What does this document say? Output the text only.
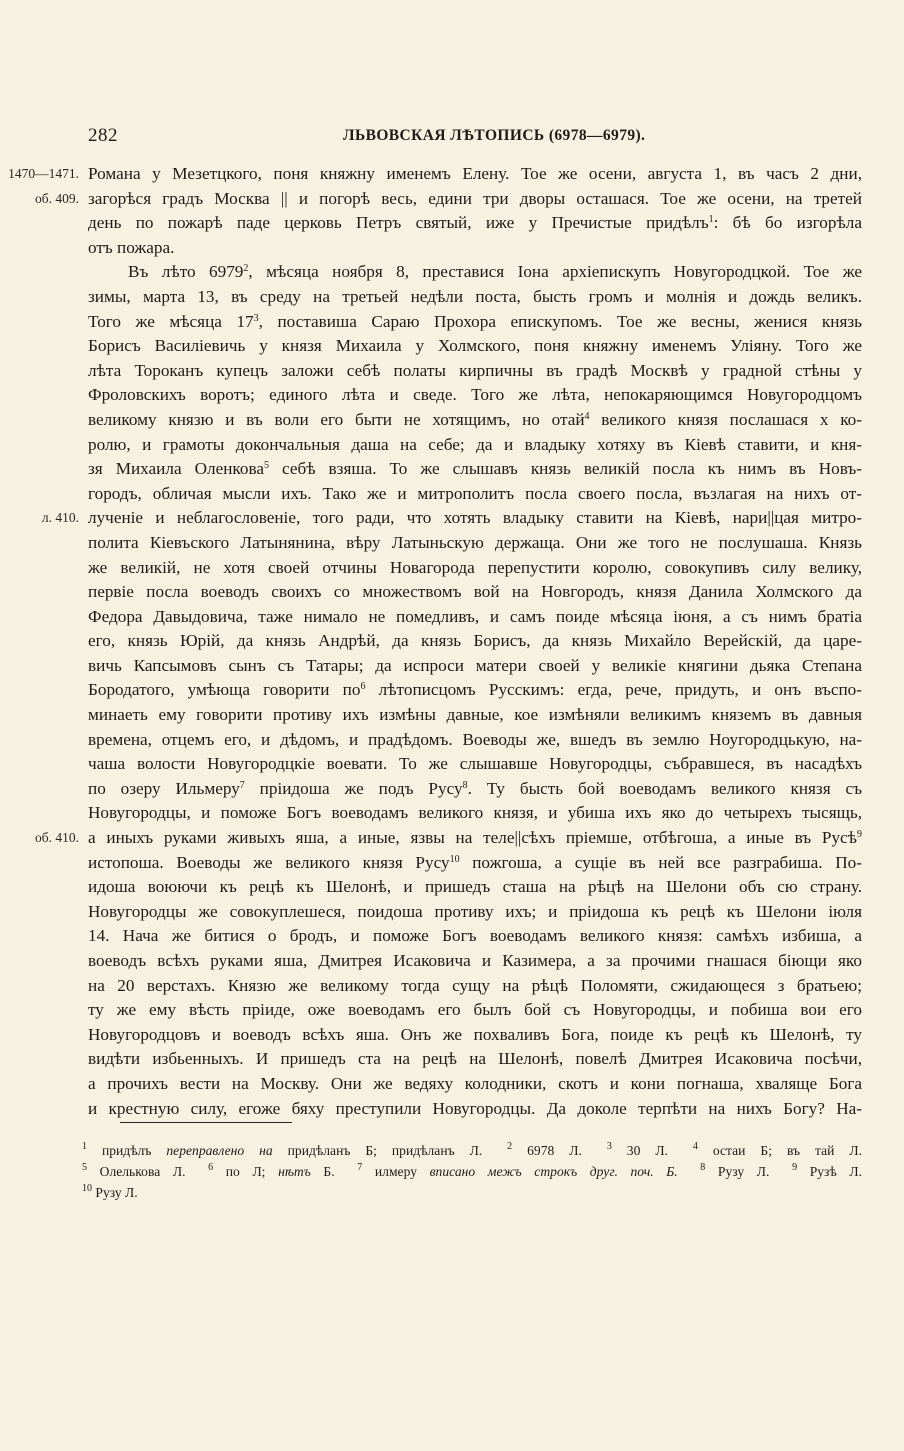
282	ЛЬВОВСКАЯ ЛѢТОПИСЬ (6978—6979).
1470—1471. Романа у Мезетцкого, поня княжну именемъ Елену. Тое же осени, августа 1, въ часъ 2 дни,
об. 409. загорѣся градъ Москва || и погорѣ весь, едини три дворы осташася. Тое же осени, на третей
день по пожарѣ паде церковь Петръ святый, иже у Пречистые придѣлъ$^1$: бѣ бо изгорѣла
отъ пожара.
Въ лѣто 6979$^2$, мѣсяца ноября 8, преставися Іона архіепискупъ Новугородцкой. Тое же
зимы, марта 13, въ среду на третьей недѣли поста, бысть громъ и молнія и дождь великъ.
Того же мѣсяца $17^3$, поставиша Сараю Прохора епискупомъ. Тое же весны, женися князь
Борисъ Василіевичь у князя Михаила у Холмского, поня княжну именемъ Уліяну. Того же
лѣта Тороканъ купецъ заложи себѣ полаты кирпичны въ градѣ Москвѣ у градной стѣны у
Фроловскихъ воротъ; единого лѣта и сведе. Того же лѣта, непокаряющимся Новугородцомъ
великому князю и въ воли его быти не хотящимъ, но отай$^4$ великого князя послашася х ко-
ролю, и грамоты докончальныя даша на себе; да и владыку хотяху въ Кіевѣ ставити, и кня-
зя Михаила Оленкова$^5$ себѣ взяша. То же слышавъ князь великій посла къ нимъ въ Новъ-
городъ, обличая мысли ихъ. Тако же и митрополитъ посла своего посла, възлагая на нихъ от-
л. 410. лученіе и неблагословеніе, того ради, что хотять владыку ставити на Кіевѣ, нари||цая митро-
полита Кіевъского Латынянина, вѣру Латыньскую держаща. Они же того не послушаша. Князь
же великій, не хотя своей отчины Новагорода перепустити королю, совокупивъ силу велику,
первіе посла воеводъ своихъ со множествомъ вой на Новгородъ, князя Данила Холмского да
Федора Давыдовича, таже нимало не помедливъ, и самъ поиде мѣсяца іюня, а съ нимъ братіа
его, князь Юрій, да князь Андрѣй, да князь Борисъ, да князь Михайло Верейскій, да царе-
вичь Капсымовъ сынъ съ Татары; да испроси матери своей у великіе княгини дьяка Степана
Бородатого, умѣюща говорити $по^6$ лѣтописцомъ Русскимъ: егда, рече, придуть, и онъ въспо-
минаеть ему говорити противу ихъ измѣны давные, кое измѣняли великимъ княземъ въ давныя
времена, отцемъ его, и дѣдомъ, и прадѣдомъ. Воеводы же, вшедъ въ землю Ноугородцькую, на-
чаша волости Новугородцкіе воевати. То же слышавше Новугородцы, събравшеся, въ насадѣхъ
по озеру Ильмеру$^7$ пріидоша же подъ Русу$^8$. Ту бысть бой воеводамъ великого князя съ
Новугородцы, и поможе Богъ воеводамъ великого князя, и убиша ихъ яко до четырехъ тысящь,
об. 410. а иныхъ руками живыхъ яша, а иные, язвы на теле||сѣхъ пріемше, отбѣгоша, а иные въ Русѣ$^9$
истопоша. Воеводы же великого князя Русу$^{10}$ пожгоша, а сущіе въ ней все разграбиша. По-
идоша воюючи къ рецѣ къ Шелонѣ, и пришедъ сташа на рѣцѣ на Шелони объ сю страну.
Новугородцы же совокуплешеся, поидоша противу ихъ; и пріидоша къ рецѣ къ Шелони іюля
14. Нача же битися о бродъ, и поможе Богъ воеводамъ великого князя: самѣхъ избиша, а
воеводъ всѣхъ руками яша, Дмитрея Исаковича и Казимера, а за прочими гнашася біющи яко
на 20 верстахъ. Князю же великому тогда сущу на рѣцѣ Поломяти, сжидающеся з братьею;
ту же ему вѣсть пріиде, оже воеводамъ его былъ бой съ Новугородцы, и побиша вои его
Новугородцовъ и воеводъ всѣхъ яша. Онъ же похваливъ Бога, поиде къ рецѣ къ Шелонѣ, ту
видѣти избьенныхъ. И пришедъ ста на рецѣ на Шелонѣ, повелѣ Дмитрея Исаковича посѣчи,
а прочихъ вести на Москву. Они же ведяху колодники, скотъ и кони погнаша, хваляще Бога
и крестную силу, егоже бяху преступили Новугородцы. Да доколе терпѣти на нихъ Богу? На-
$^1$ придѣлъ переправлено на придѣланъ Б; придѣланъ Л. $^2$ 6978 Л. $^3$ 30 Л. $^4$ остаи Б; въ тай Л.
$^5$ Олелькова Л. $^6$ по Л; нѣтъ Б. $^7$ илмеру вписано межъ строкъ друг. поч. Б. $^8$ Рузу Л. $^9$ Рузѣ Л.
$^{10}$ Рузу Л.
